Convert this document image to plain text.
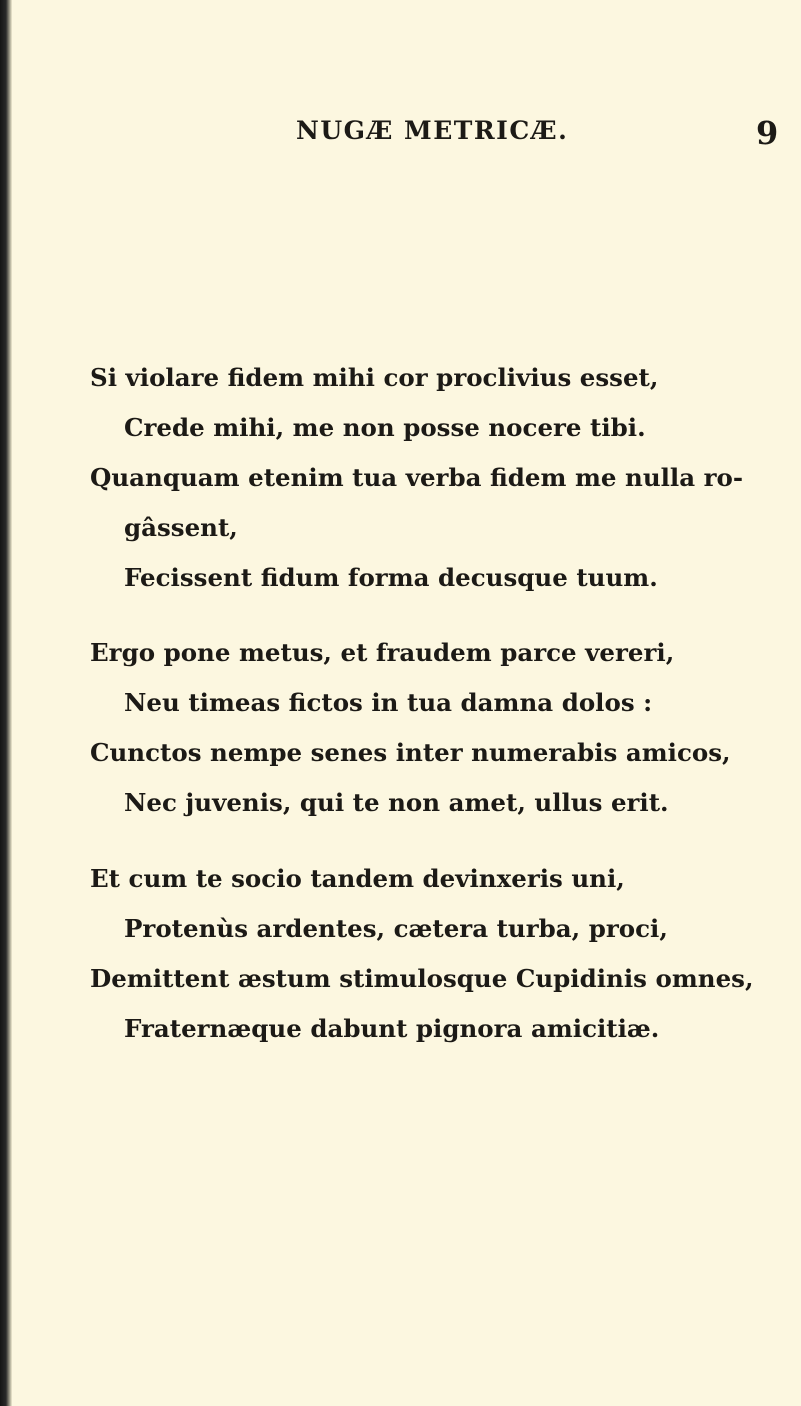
NUGÆ METRICÆ.	9
Si violare fidem mihi cor proclivius esset,
Crede mihi, me non posse nocere tibi.
Quanquam etenim tua verba fidem me nulla ro-
gâssent,
Fecissent fidum forma decusque tuum.
Ergo pone metus, et fraudem parce vereri,
Neu timeas fictos in tua damna dolos :
Cunctos nempe senes inter numerabis amicos,
Nec juvenis, qui te non amet, ullus erit.
Et cum te socio tandem devinxeris uni,
Protenùs ardentes, cætera turba, proci,
Demittent æstum stimulosque Cupidinis omnes,
Fraternæque dabunt pignora amicitiæ.
